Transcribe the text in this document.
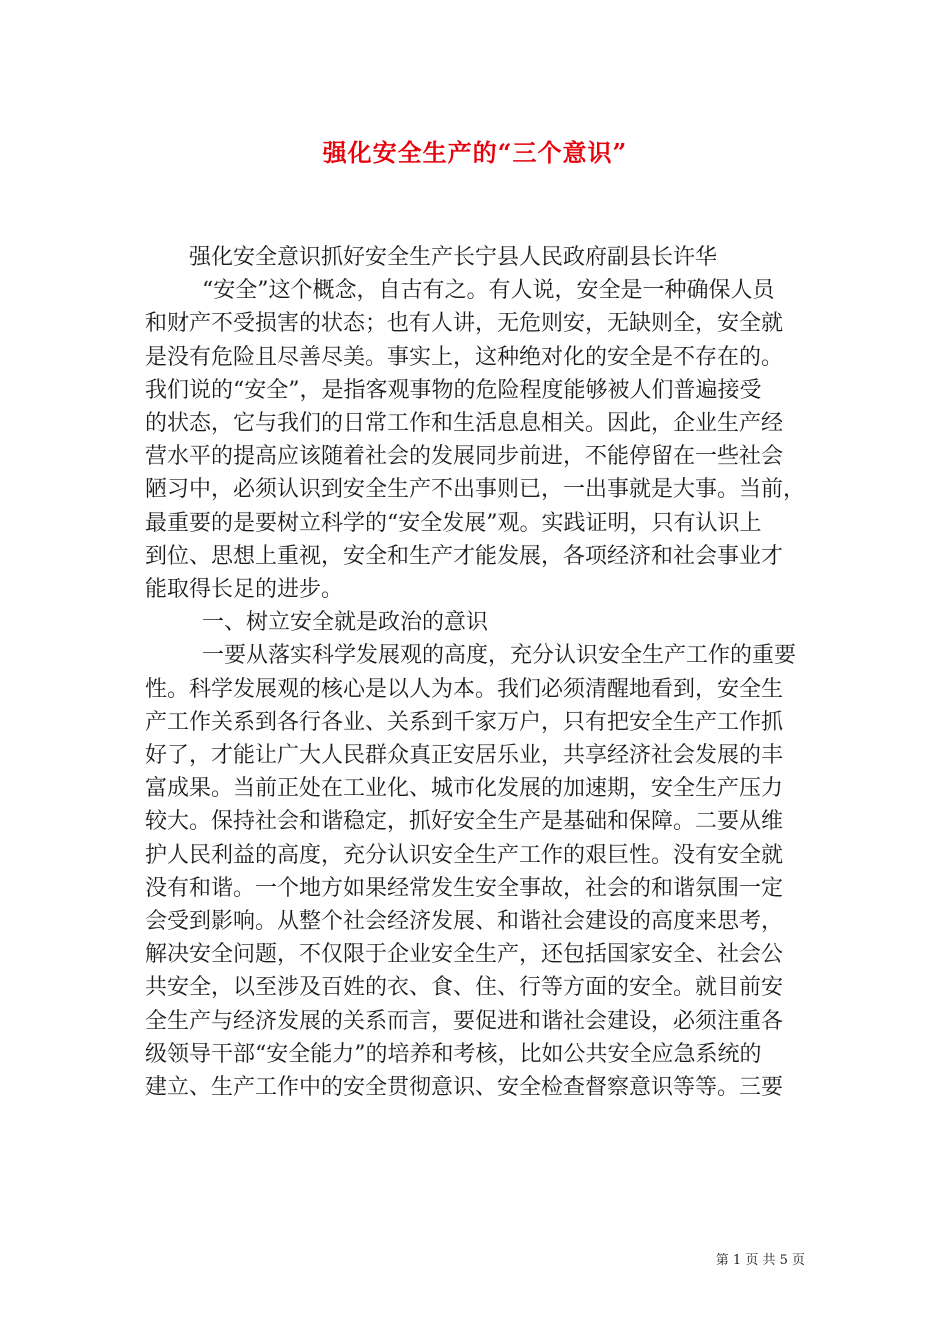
强化安全生产的“三个意识”

强化安全意识抓好安全生产长宁县人民政府副县长许华

“安全”这个概念，自古有之。有人说，安全是一种确保人员

和财产不受损害的状态；也有人讲，无危则安，无缺则全，安全就

是没有危险且尽善尽美。事实上，这种绝对化的安全是不存在的。

我们说的“安全”，是指客观事物的危险程度能够被人们普遍接受

的状态，它与我们的日常工作和生活息息相关。因此，企业生产经

营水平的提高应该随着社会的发展同步前进，不能停留在一些社会

陋习中，必须认识到安全生产不出事则已，一出事就是大事。当前，

最重要的是要树立科学的“安全发展”观。实践证明，只有认识上

到位、思想上重视，安全和生产才能发展，各项经济和社会事业才

能取得长足的进步。

一、树立安全就是政治的意识

一要从落实科学发展观的高度，充分认识安全生产工作的重要

性。科学发展观的核心是以人为本。我们必须清醒地看到，安全生

产工作关系到各行各业、关系到千家万户，只有把安全生产工作抓

好了，才能让广大人民群众真正安居乐业，共享经济社会发展的丰

富成果。当前正处在工业化、城市化发展的加速期，安全生产压力

较大。保持社会和谐稳定，抓好安全生产是基础和保障。二要从维

护人民利益的高度，充分认识安全生产工作的艰巨性。没有安全就

没有和谐。一个地方如果经常发生安全事故，社会的和谐氛围一定

会受到影响。从整个社会经济发展、和谐社会建设的高度来思考，

解决安全问题，不仅限于企业安全生产，还包括国家安全、社会公

共安全，以至涉及百姓的衣、食、住、行等方面的安全。就目前安

全生产与经济发展的关系而言，要促进和谐社会建设，必须注重各

级领导干部“安全能力”的培养和考核，比如公共安全应急系统的

建立、生产工作中的安全贯彻意识、安全检查督察意识等等。三要

第 1 页 共 5 页
